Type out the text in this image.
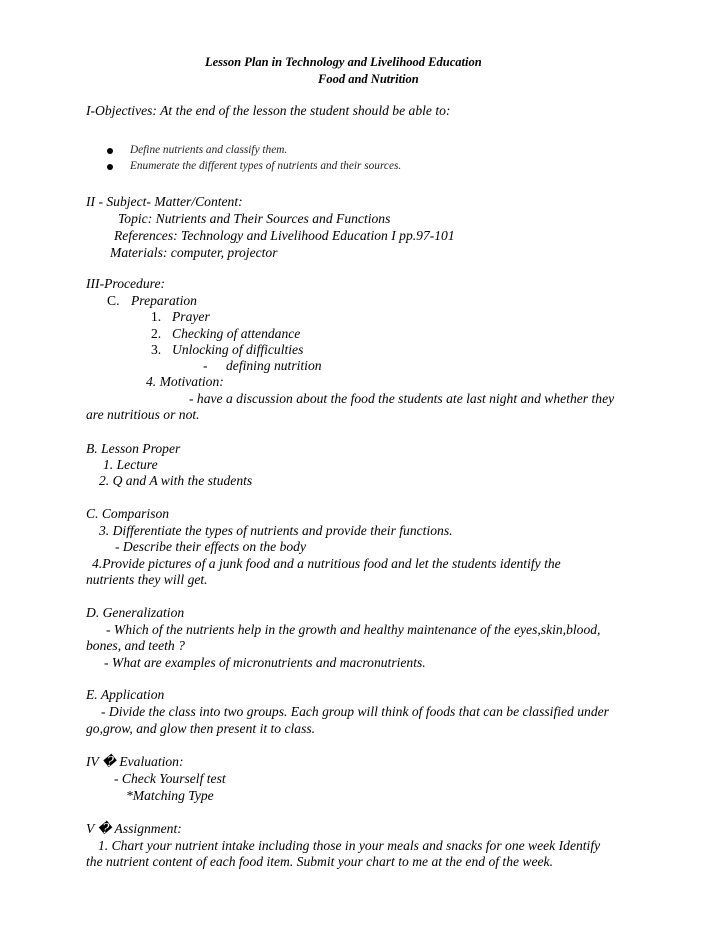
Lesson Plan in Technology and Livelihood Education
Food and Nutrition
I-Objectives: At the end of the lesson the student should be able to:
Define nutrients and classify them.
Enumerate the different types of nutrients and their sources.
II - Subject- Matter/Content:
Topic: Nutrients and Their Sources and Functions
References: Technology and Livelihood Education I pp.97-101
Materials: computer, projector
III-Procedure:
C. Preparation
1. Prayer
2. Checking of attendance
3. Unlocking of difficulties
- defining nutrition
4. Motivation:
- have a discussion about the food the students ate last night and whether they
are nutritious or not.
B. Lesson Proper
1. Lecture
2. Q and A with the students
C. Comparison
3. Differentiate the types of nutrients and provide their functions.
- Describe their effects on the body
4.Provide pictures of a junk food and a nutritious food and let the students identify the
nutrients they will get.
D. Generalization
- Which of the nutrients help in the growth and healthy maintenance of the eyes,skin,blood,
bones, and teeth ?
- What are examples of micronutrients and macronutrients.
E. Application
- Divide the class into two groups. Each group will think of foods that can be classified under
go,grow, and glow then present it to class.
IV � Evaluation:
- Check Yourself test
*Matching Type
V � Assignment:
1. Chart your nutrient intake including those in your meals and snacks for one week Identify
the nutrient content of each food item. Submit your chart to me at the end of the week.
